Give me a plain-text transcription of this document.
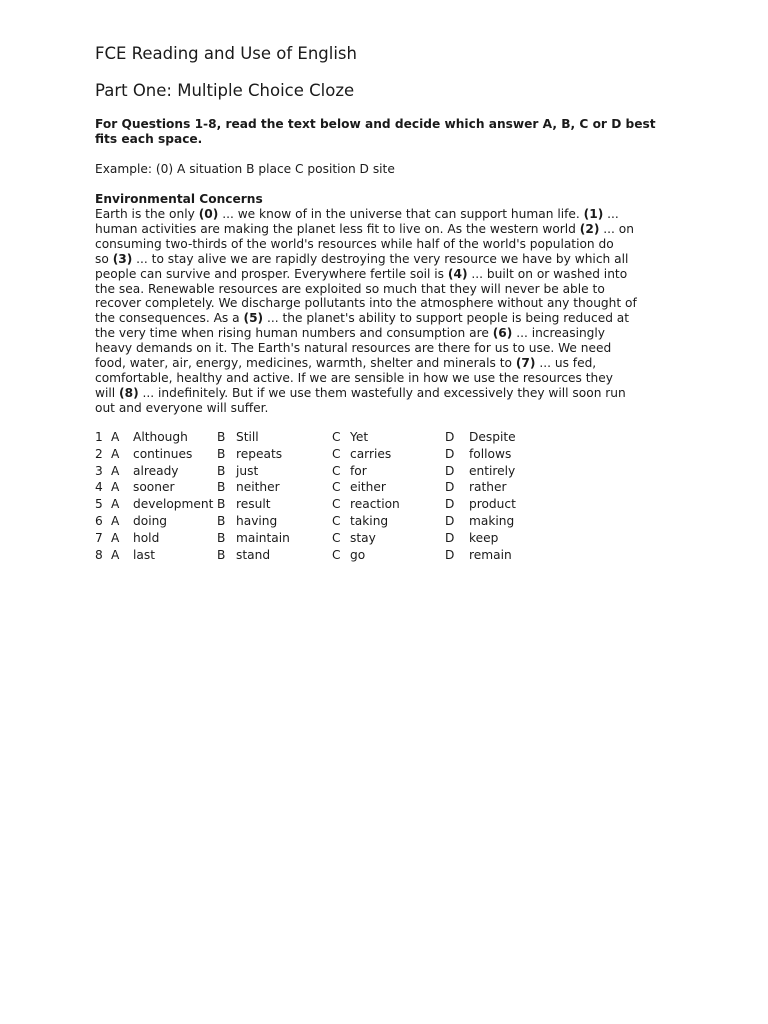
FCE Reading and Use of English
Part One: Multiple Choice Cloze

For Questions 1-8, read the text below and decide which answer A, B, C or D best fits each space.

Example: (0) A situation B place C position D site

Environmental Concerns

Earth is the only (0) ... we know of in the universe that can support human life. (1) ...
human activities are making the planet less fit to live on. As the western world (2) ... on
consuming two-thirds of the world's resources while half of the world's population do
so (3) ... to stay alive we are rapidly destroying the very resource we have by which all
people can survive and prosper. Everywhere fertile soil is (4) ... built on or washed into
the sea. Renewable resources are exploited so much that they will never be able to
recover completely. We discharge pollutants into the atmosphere without any thought of
the consequences. As a (5) ... the planet's ability to support people is being reduced at
the very time when rising human numbers and consumption are (6) ... increasingly
heavy demands on it. The Earth's natural resources are there for us to use. We need
food, water, air, energy, medicines, warmth, shelter and minerals to (7) ... us fed,
comfortable, healthy and active. If we are sensible in how we use the resources they
will (8) ... indefinitely. But if we use them wastefully and excessively they will soon run
out and everyone will suffer.
1 A Although B Still	C Yet	D Despite
2 A continues B repeats	C carries	D follows
3 A already	B just	C for	D entirely
4 A sooner	B neither	C either	D rather
5 A development B result	C reaction	D product
6 A doing	B having	C taking	D making
7 A hold	B maintain	C stay	D keep
8 A last	B stand	C go	D remain
